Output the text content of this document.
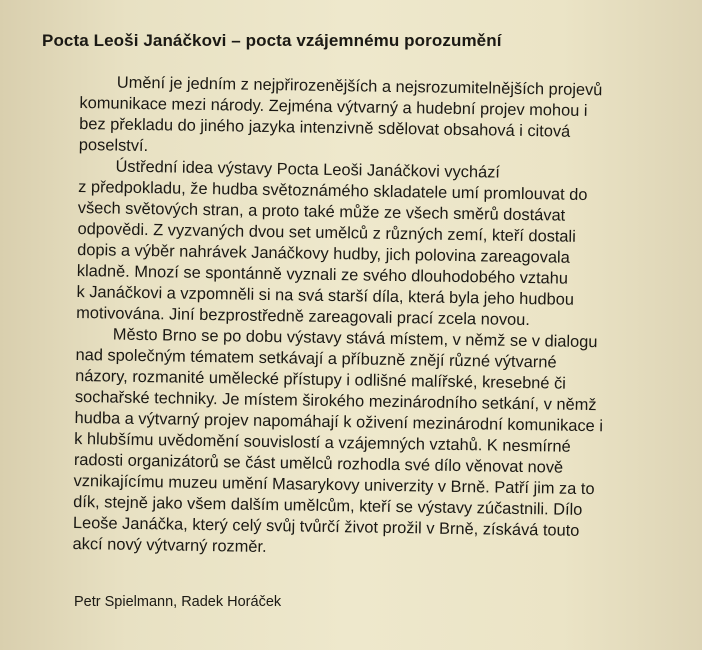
Pocta Leoši Janáčkovi – pocta vzájemnému porozumění
Umění je jedním z nejpřirozenějších a nejsrozumitelnějších projevů
komunikace mezi národy. Zejména výtvarný a hudební projev mohou i
bez překladu do jiného jazyka intenzivně sdělovat obsahová i citová
poselství.
Ústřední idea výstavy Pocta Leoši Janáčkovi vychází
z předpokladu, že hudba světoznámého skladatele umí promlouvat do
všech světových stran, a proto také může ze všech směrů dostávat
odpovědi. Z vyzvaných dvou set umělců z různých zemí, kteří dostali
dopis a výběr nahrávek Janáčkovy hudby, jich polovina zareagovala
kladně. Mnozí se spontánně vyznali ze svého dlouhodobého vztahu
k Janáčkovi a vzpomněli si na svá starší díla, která byla jeho hudbou
motivována. Jiní bezprostředně zareagovali prací zcela novou.
Město Brno se po dobu výstavy stává místem, v němž se v dialogu
nad společným tématem setkávají a příbuzně znějí různé výtvarné
názory, rozmanité umělecké přístupy i odlišné malířské, kresebné či
sochařské techniky. Je místem širokého mezinárodního setkání, v němž
hudba a výtvarný projev napomáhají k oživení mezinárodní komunikace i
k hlubšímu uvědomění souvislostí a vzájemných vztahů. K nesmírné
radosti organizátorů se část umělců rozhodla své dílo věnovat nově
vznikajícímu muzeu umění Masarykovy univerzity v Brně. Patří jim za to
dík, stejně jako všem dalším umělcům, kteří se výstavy zúčastnili. Dílo
Leoše Janáčka, který celý svůj tvůrčí život prožil v Brně, získává touto
akcí nový výtvarný rozměr.
Petr Spielmann, Radek Horáček
